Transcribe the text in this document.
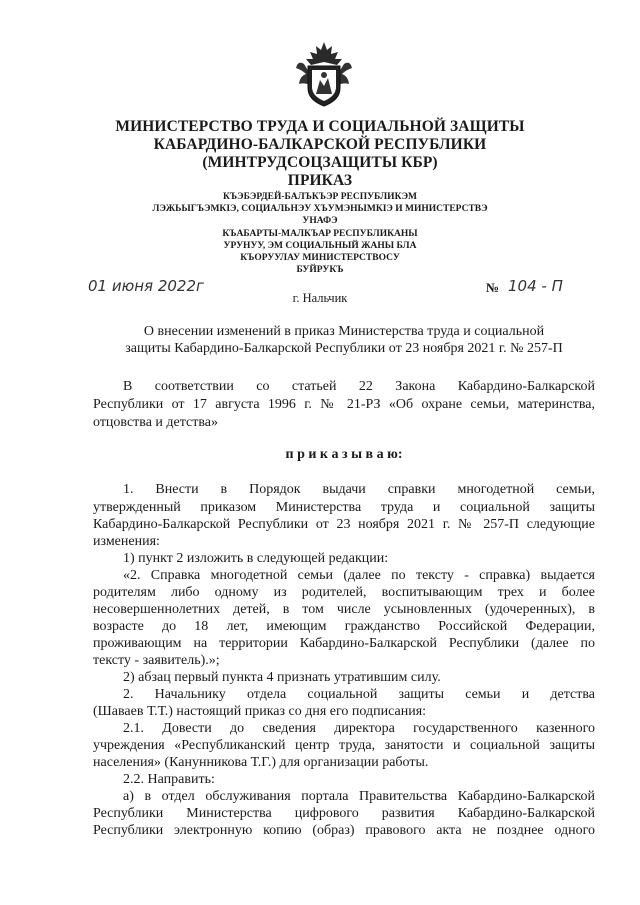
МИНИСТЕРСТВО ТРУДА И СОЦИАЛЬНОЙ ЗАЩИТЫ
КАБАРДИНО-БАЛКАРСКОЙ РЕСПУБЛИКИ
(МИНТРУДСОЦЗАЩИТЫ КБР)
ПРИКАЗ
КЪЭБЭРДЕЙ-БАЛЪКЪЭР РЕСПУБЛИКЭМ
ЛЭЖЬЫГЪЭМКIЭ, СОЦИАЛЬНЭУ ХЪУМЭНЫМКIЭ И МИНИСТЕРСТВЭ
УНАФЭ
КЪАБАРТЫ-МАЛКЪАР РЕСПУБЛИКАНЫ
УРУНУУ, ЭМ СОЦИАЛЬНЫЙ ЖАНЫ БЛА
КЪОРУУЛАУ МИНИСТЕРСТВОСУ
БУЙРУКЪ
01 июня 2022г	№ 104 - П
г. Нальчик
О внесении изменений в приказ Министерства труда и социальной
защиты Кабардино-Балкарской Республики от 23 ноября 2021 г. № 257-П
В соответствии со статьей 22 Закона Кабардино-Балкарской
Республики от 17 августа 1996 г. № 21-РЗ «Об охране семьи, материнства,
отцовства и детства»
п р и к а з ы в а ю:
1. Внести в Порядок выдачи справки многодетной семьи,
утвержденный приказом Министерства труда и социальной защиты
Кабардино-Балкарской Республики от 23 ноября 2021 г. № 257-П следующие
изменения:
1) пункт 2 изложить в следующей редакции:
«2. Справка многодетной семьи (далее по тексту - справка) выдается
родителям либо одному из родителей, воспитывающим трех и более
несовершеннолетних детей, в том числе усыновленных (удочеренных), в
возрасте до 18 лет, имеющим гражданство Российской Федерации,
проживающим на территории Кабардино-Балкарской Республики (далее по
тексту - заявитель).»;
2) абзац первый пункта 4 признать утратившим силу.
2. Начальнику отдела социальной защиты семьи и детства
(Шаваев Т.Т.) настоящий приказ со дня его подписания:
2.1. Довести до сведения директора государственного казенного
учреждения «Республиканский центр труда, занятости и социальной защиты
населения» (Канунникова Т.Г.) для организации работы.
2.2. Направить:
а) в отдел обслуживания портала Правительства Кабардино-Балкарской
Республики Министерства цифрового развития Кабардино-Балкарской
Республики электронную копию (образ) правового акта не позднее одного
